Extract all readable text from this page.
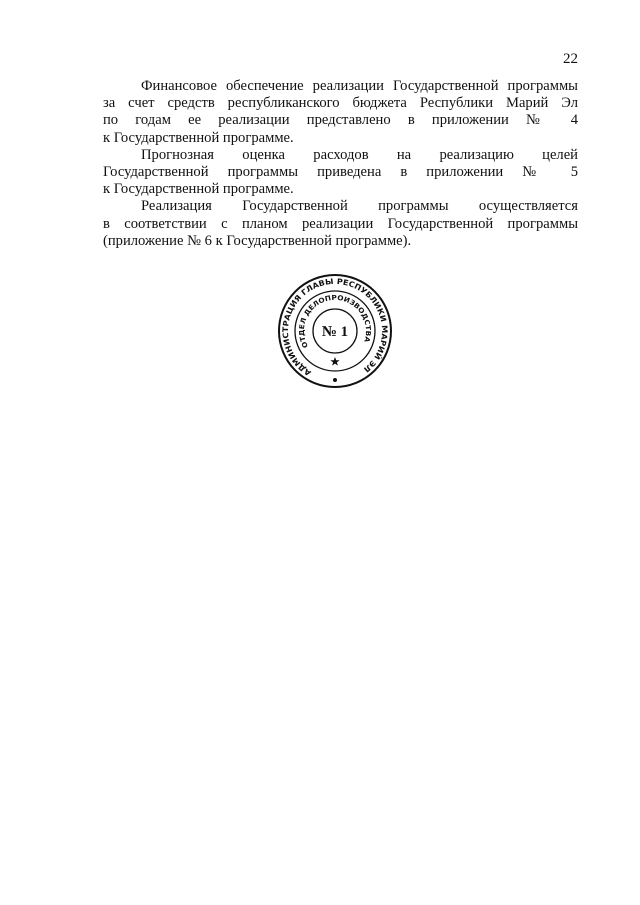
22
Финансовое обеспечение реализации Государственной программы
за счет средств республиканского бюджета Республики Марий Эл
по годам ее реализации представлено в приложении № 4
к Государственной программе.
Прогнозная оценка расходов на реализацию целей
Государственной программы приведена в приложении № 5
к Государственной программе.
Реализация Государственной программы осуществляется
в соответствии с планом реализации Государственной программы
(приложение № 6 к Государственной программе).
АДМИНИСТРАЦИЯ ГЛАВЫ РЕСПУБЛИКИ МАРИЙ ЭЛ
ОТДЕЛ ДЕЛОПРОИЗВОДСТВА
№ 1
